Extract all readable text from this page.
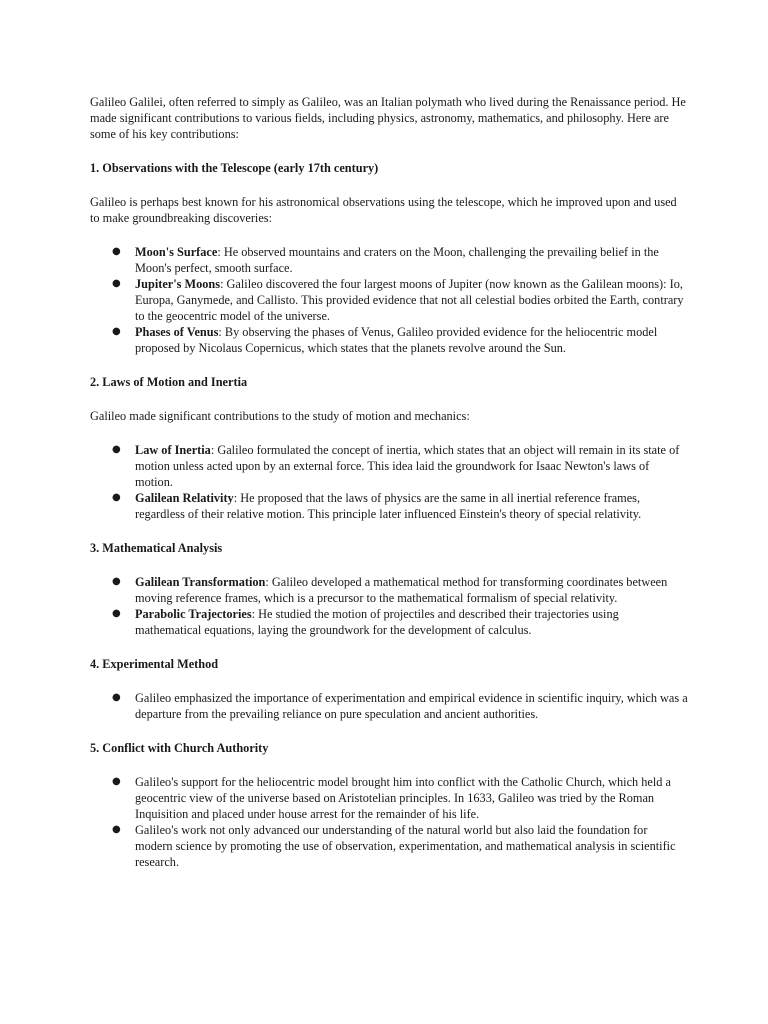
Galileo Galilei, often referred to simply as Galileo, was an Italian polymath who lived during the Renaissance period. He made significant contributions to various fields, including physics, astronomy, mathematics, and philosophy. Here are some of his key contributions:

1. Observations with the Telescope (early 17th century)

Galileo is perhaps best known for his astronomical observations using the telescope, which he improved upon and used to make groundbreaking discoveries:

● Moon's Surface: He observed mountains and craters on the Moon, challenging the prevailing belief in the Moon's perfect, smooth surface.
● Jupiter's Moons: Galileo discovered the four largest moons of Jupiter (now known as the Galilean moons): Io, Europa, Ganymede, and Callisto. This provided evidence that not all celestial bodies orbited the Earth, contrary to the geocentric model of the universe.
● Phases of Venus: By observing the phases of Venus, Galileo provided evidence for the heliocentric model proposed by Nicolaus Copernicus, which states that the planets revolve around the Sun.
2. Laws of Motion and Inertia

Galileo made significant contributions to the study of motion and mechanics:

● Law of Inertia: Galileo formulated the concept of inertia, which states that an object will remain in its state of motion unless acted upon by an external force. This idea laid the groundwork for Isaac Newton's laws of motion.
● Galilean Relativity: He proposed that the laws of physics are the same in all inertial reference frames, regardless of their relative motion. This principle later influenced Einstein's theory of special relativity.
3. Mathematical Analysis
● Galilean Transformation: Galileo developed a mathematical method for transforming coordinates between moving reference frames, which is a precursor to the mathematical formalism of special relativity.
● Parabolic Trajectories: He studied the motion of projectiles and described their trajectories using mathematical equations, laying the groundwork for the development of calculus.
4. Experimental Method
● Galileo emphasized the importance of experimentation and empirical evidence in scientific inquiry, which was a departure from the prevailing reliance on pure speculation and ancient authorities.
5. Conflict with Church Authority
● Galileo's support for the heliocentric model brought him into conflict with the Catholic Church, which held a geocentric view of the universe based on Aristotelian principles. In 1633, Galileo was tried by the Roman Inquisition and placed under house arrest for the remainder of his life.
● Galileo's work not only advanced our understanding of the natural world but also laid the foundation for modern science by promoting the use of observation, experimentation, and mathematical analysis in scientific research.
